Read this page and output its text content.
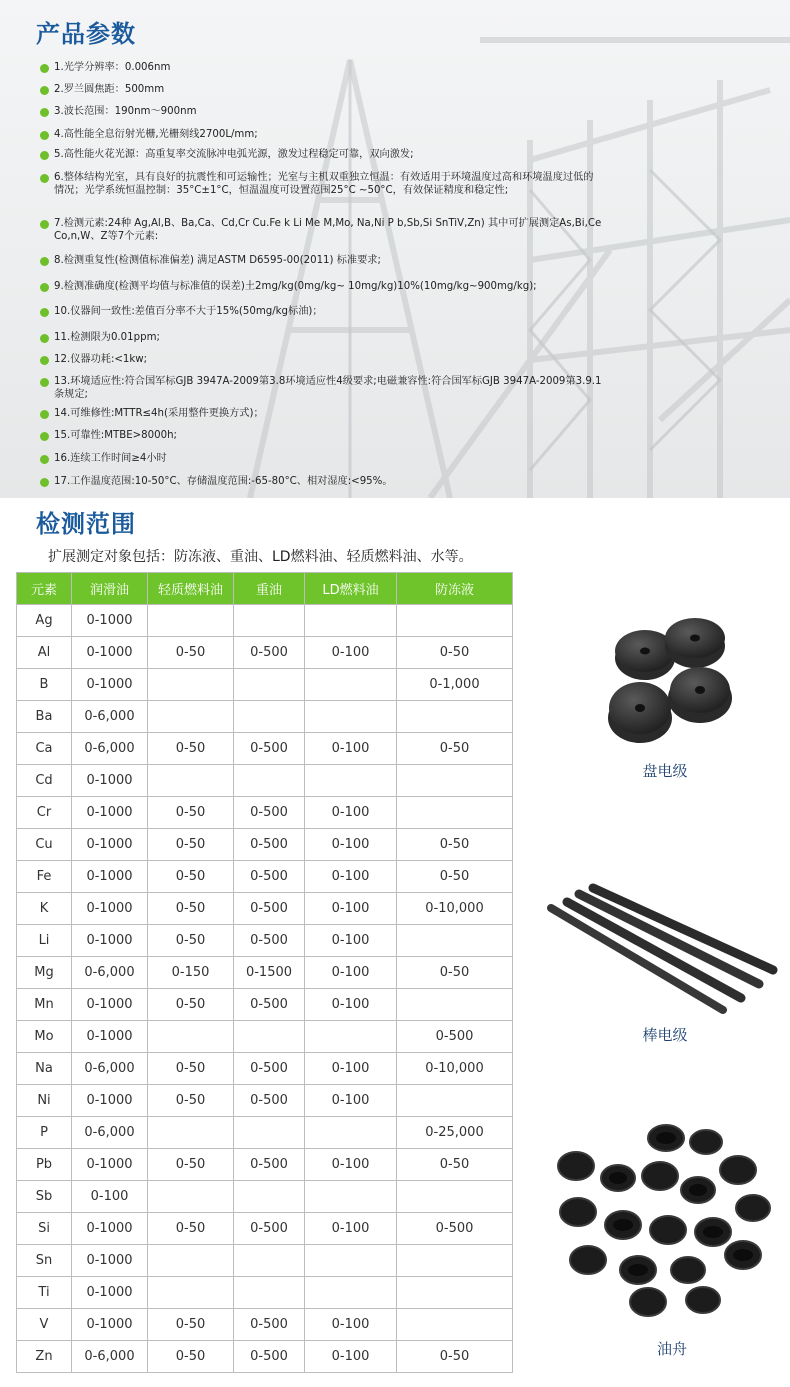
产品参数
1.光学分辨率：0.006nm
2.罗兰圆焦距：500mm
3.波长范围：190nm～900nm
4.高性能全息衍射光栅,光栅刻线2700L/mm;
5.高性能火花光源：高重复率交流脉冲电弧光源，激发过程稳定可靠，双向激发;
6.整体结构光室，具有良好的抗震性和可运输性；光室与主机双重独立恒温：有效适用于环境温度过高和环境温度过低的情况；光学系统恒温控制：35°C±1°C，恒温温度可设置范围25°C ~50°C，有效保证精度和稳定性;
7.检测元素:24种 Ag,Al,B、Ba,Ca、Cd,Cr Cu.Fe k Li Me M,Mo, Na,Ni P b,Sb,Si SnTiV,Zn) 其中可扩展测定As,Bi,Ce Co,n,W、Z等7个元素:
8.检测重复性(检测值标准偏差) 满足ASTM D6595-00(2011) 标准要求;
9.检测准确度(检测平均值与标准值的误差)土2mg/kg(0mg/kg~ 10mg/kg)10%(10mg/kg~900mg/kg);
10.仪器间一致性:差值百分率不大于15%(50mg/kg标油)；
11.检测限为0.01ppm;
12.仪器功耗:<1kw;
13.环境适应性:符合国军标GJB 3947A-2009第3.8环境适应性4级要求;电磁兼容性:符合国军标GJB 3947A-2009第3.9.1条规定;
14.可维修性:MTTR≤4h(采用整件更换方式)；
15.可靠性:MTBE>8000h;
16.连续工作时间≥4小时
17.工作温度范围:10-50°C、存储温度范围:-65-80°C、相对湿度:<95%。
检测范围

扩展测定对象包括：防冻液、重油、LD燃料油、轻质燃料油、水等。

元素	润滑油	轻质燃料油	重油	LD燃料油	防冻液
Ag	0-1000				
Al	0-1000	0-50	0-500	0-100	0-50
B	0-1000				0-1,000
Ba	0-6,000				
Ca	0-6,000	0-50	0-500	0-100	0-50
Cd	0-1000				
Cr	0-1000	0-50	0-500	0-100	
Cu	0-1000	0-50	0-500	0-100	0-50
Fe	0-1000	0-50	0-500	0-100	0-50
K	0-1000	0-50	0-500	0-100	0-10,000
Li	0-1000	0-50	0-500	0-100	
Mg	0-6,000	0-150	0-1500	0-100	0-50
Mn	0-1000	0-50	0-500	0-100	
Mo	0-1000				0-500
Na	0-6,000	0-50	0-500	0-100	0-10,000
Ni	0-1000	0-50	0-500	0-100	
P	0-6,000				0-25,000
Pb	0-1000	0-50	0-500	0-100	0-50
Sb	0-100				
Si	0-1000	0-50	0-500	0-100	0-500
Sn	0-1000				
Ti	0-1000				
V	0-1000	0-50	0-500	0-100	
Zn	0-6,000	0-50	0-500	0-100	0-50
盘电级
棒电级
油舟
